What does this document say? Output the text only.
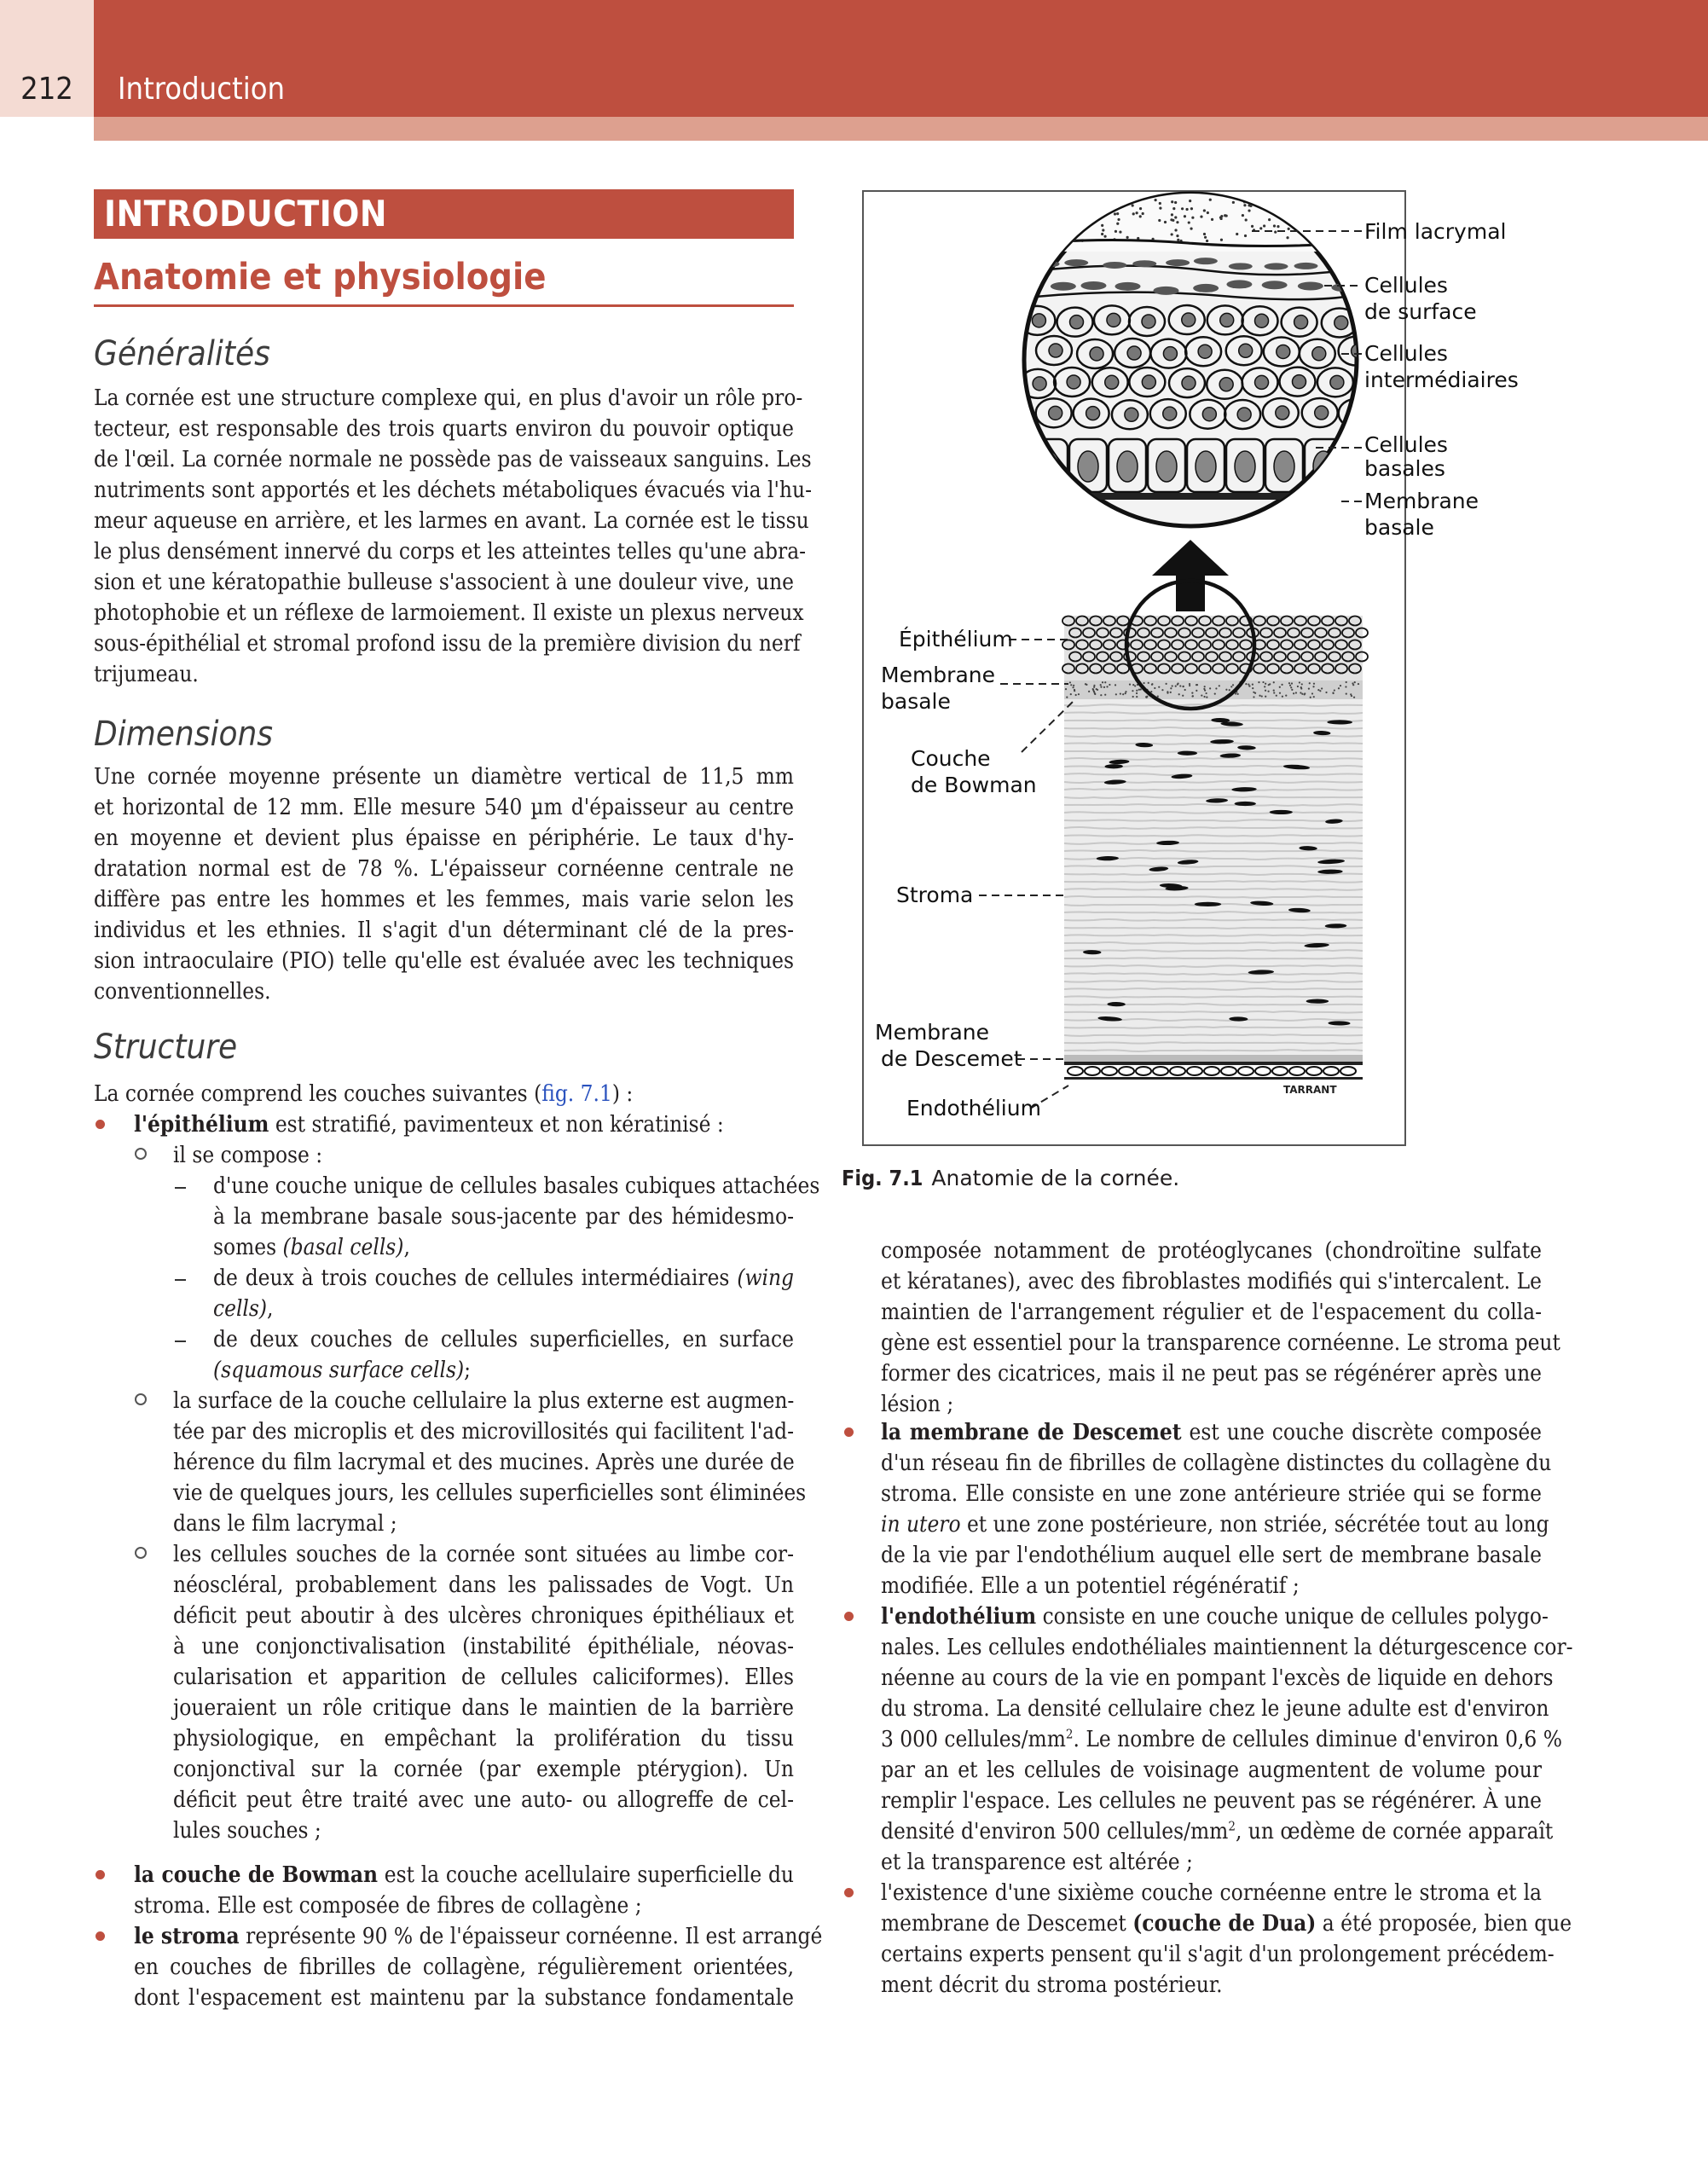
212	Introduction
INTRODUCTION
Anatomie et physiologie
Généralités
La cornée est une structure complexe qui, en plus d'avoir un rôle pro-
tecteur, est responsable des trois quarts environ du pouvoir optique
de l'œil. La cornée normale ne possède pas de vaisseaux sanguins. Les
nutriments sont apportés et les déchets métaboliques évacués via l'hu-
meur aqueuse en arrière, et les larmes en avant. La cornée est le tissu
le plus densément innervé du corps et les atteintes telles qu'une abra-
sion et une kératopathie bulleuse s'associent à une douleur vive, une
photophobie et un réflexe de larmoiement. Il existe un plexus nerveux
sous-épithélial et stromal profond issu de la première division du nerf
trijumeau.
Dimensions
Une cornée moyenne présente un diamètre vertical de 11,5 mm
et horizontal de 12 mm. Elle mesure 540 µm d'épaisseur au centre
en moyenne et devient plus épaisse en périphérie. Le taux d'hy-
dratation normal est de 78 %. L'épaisseur cornéenne centrale ne
diffère pas entre les hommes et les femmes, mais varie selon les
individus et les ethnies. Il s'agit d'un déterminant clé de la pres-
sion intraoculaire (PIO) telle qu'elle est évaluée avec les techniques
conventionnelles.
Structure
La cornée comprend les couches suivantes (fig. 7.1) :
l'épithélium est stratifié, pavimenteux et non kératinisé :
il se compose :
d'une couche unique de cellules basales cubiques attachées
à la membrane basale sous-jacente par des hémidesmo-
somes (basal cells),
de deux à trois couches de cellules intermédiaires (wing
cells),
de deux couches de cellules superficielles, en surface
(squamous surface cells);
la surface de la couche cellulaire la plus externe est augmen-
tée par des microplis et des microvillosités qui facilitent l'ad-
hérence du film lacrymal et des mucines. Après une durée de
vie de quelques jours, les cellules superficielles sont éliminées
dans le film lacrymal ;
les cellules souches de la cornée sont situées au limbe cor-
néoscléral, probablement dans les palissades de Vogt. Un
déficit peut aboutir à des ulcères chroniques épithéliaux et
à une conjonctivalisation (instabilité épithéliale, néovas-
cularisation et apparition de cellules caliciformes). Elles
joueraient un rôle critique dans le maintien de la barrière
physiologique, en empêchant la prolifération du tissu
conjonctival sur la cornée (par exemple ptérygion). Un
déficit peut être traité avec une auto- ou allogreffe de cel-
lules souches ;
la couche de Bowman est la couche acellulaire superficielle du
stroma. Elle est composée de fibres de collagène ;
le stroma représente 90 % de l'épaisseur cornéenne. Il est arrangé
en couches de fibrilles de collagène, régulièrement orientées,
dont l'espacement est maintenu par la substance fondamentale
composée notamment de protéoglycanes (chondroïtine sulfate
et kératanes), avec des fibroblastes modifiés qui s'intercalent. Le
maintien de l'arrangement régulier et de l'espacement du colla-
gène est essentiel pour la transparence cornéenne. Le stroma peut
former des cicatrices, mais il ne peut pas se régénérer après une
lésion ;
la membrane de Descemet est une couche discrète composée
d'un réseau fin de fibrilles de collagène distinctes du collagène du
stroma. Elle consiste en une zone antérieure striée qui se forme
in utero et une zone postérieure, non striée, sécrétée tout au long
de la vie par l'endothélium auquel elle sert de membrane basale
modifiée. Elle a un potentiel régénératif ;
l'endothélium consiste en une couche unique de cellules polygo-
nales. Les cellules endothéliales maintiennent la déturgescence cor-
néenne au cours de la vie en pompant l'excès de liquide en dehors
du stroma. La densité cellulaire chez le jeune adulte est d'environ
3 000 cellules/$mm^2$. Le nombre de cellules diminue d'environ 0,6 %
par an et les cellules de voisinage augmentent de volume pour
remplir l'espace. Les cellules ne peuvent pas se régénérer. À une
densité d'environ 500 cellules/$mm^2$, un œdème de cornée apparaît
et la transparence est altérée ;
l'existence d'une sixième couche cornéenne entre le stroma et la
membrane de Descemet (couche de Dua) a été proposée, bien que
certains experts pensent qu'il s'agit d'un prolongement précédem-
ment décrit du stroma postérieur.
TARRANT
Film lacrymal
Cellules
de surface
Cellules
intermédiaires
Cellules
basales
Membrane
basale
Épithélium
Membrane
basale
Couche
de Bowman
Stroma
Membrane
de Descemet
Endothélium
Fig. 7.1 Anatomie de la cornée.
